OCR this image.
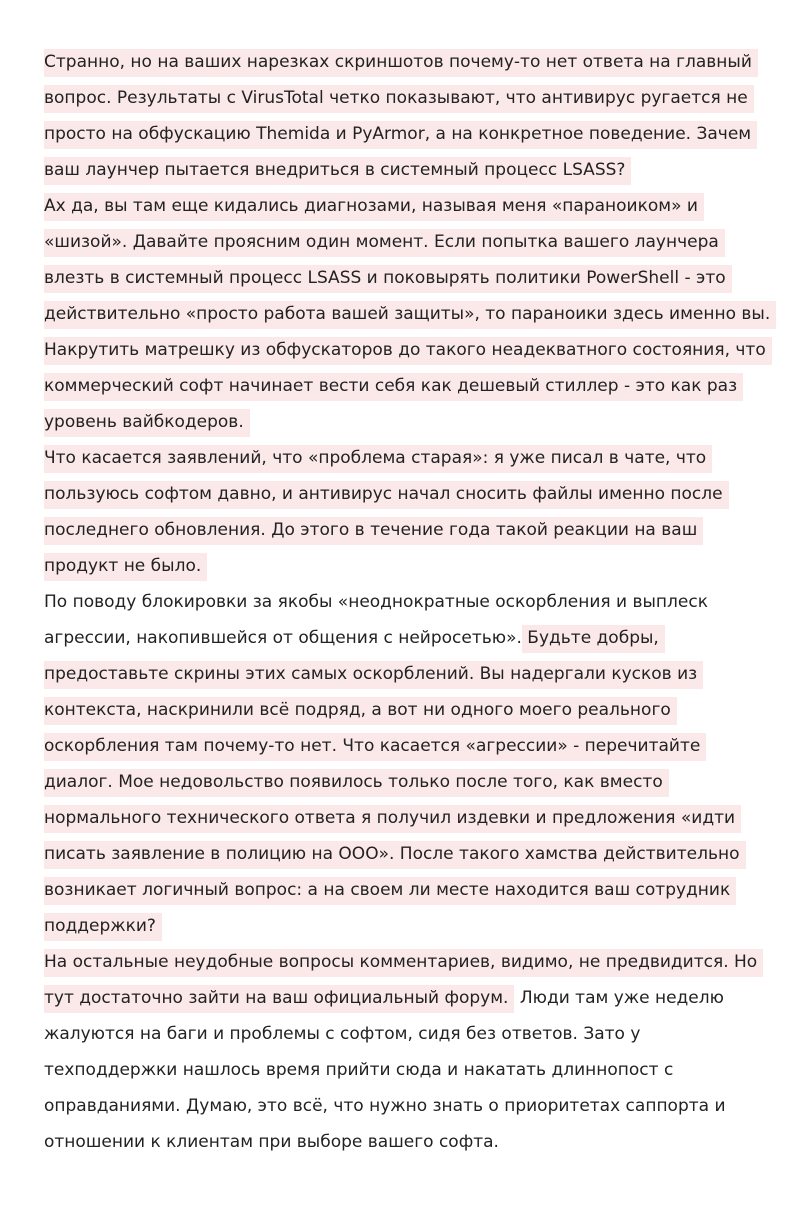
Странно, но на ваших нарезках скриншотов почему-то нет ответа на главный
вопрос. Результаты с VirusTotal четко показывают, что антивирус ругается не
просто на обфускацию Themida и PyArmor, а на конкретное поведение. Зачем
ваш лаунчер пытается внедриться в системный процесс LSASS?
Ах да, вы там еще кидались диагнозами, называя меня «параноиком» и
«шизой». Давайте проясним один момент. Если попытка вашего лаунчера
влезть в системный процесс LSASS и поковырять политики PowerShell - это
действительно «просто работа вашей защиты», то параноики здесь именно вы.
Накрутить матрешку из обфускаторов до такого неадекватного состояния, что
коммерческий софт начинает вести себя как дешевый стиллер - это как раз
уровень вайбкодеров.
Что касается заявлений, что «проблема старая»: я уже писал в чате, что
пользуюсь софтом давно, и антивирус начал сносить файлы именно после
последнего обновления. До этого в течение года такой реакции на ваш
продукт не было.
По поводу блокировки за якобы «неоднократные оскорбления и выплеск
агрессии, накопившейся от общения с нейросетью». Будьте добры,
предоставьте скрины этих самых оскорблений. Вы надергали кусков из
контекста, наскринили всё подряд, а вот ни одного моего реального
оскорбления там почему-то нет. Что касается «агрессии» - перечитайте
диалог. Мое недовольство появилось только после того, как вместо
нормального технического ответа я получил издевки и предложения «идти
писать заявление в полицию на ООО». После такого хамства действительно
возникает логичный вопрос: а на своем ли месте находится ваш сотрудник
поддержки?
На остальные неудобные вопросы комментариев, видимо, не предвидится. Но
тут достаточно зайти на ваш официальный форум. Люди там уже неделю
жалуются на баги и проблемы с софтом, сидя без ответов. Зато у
техподдержки нашлось время прийти сюда и накатать длиннопост с
оправданиями. Думаю, это всё, что нужно знать о приоритетах саппорта и
отношении к клиентам при выборе вашего софта.
